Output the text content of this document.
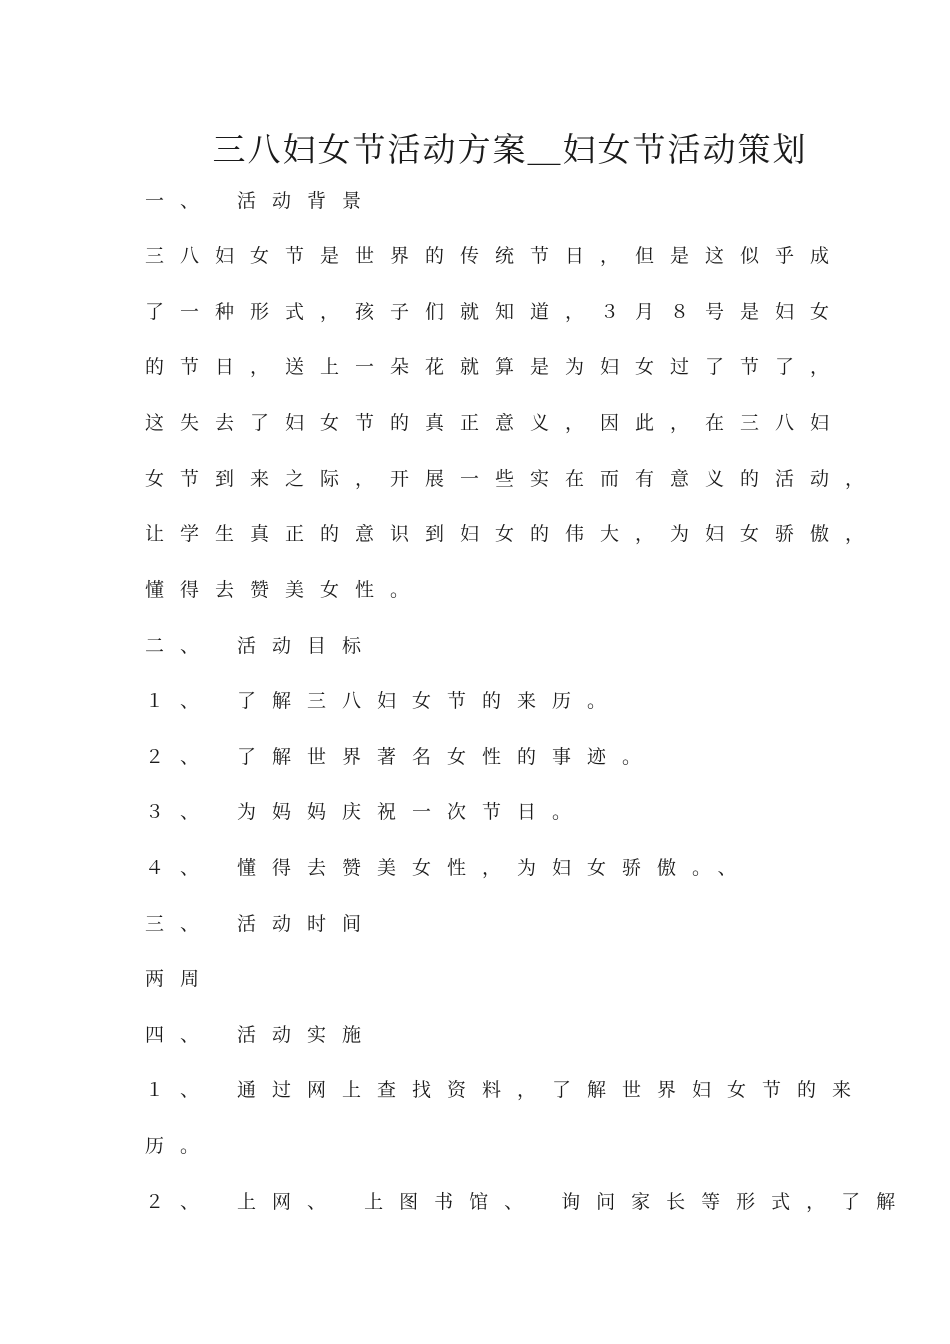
三八妇女节活动方案＿妇女节活动策划
一、 活动背景
三八妇女节是世界的传统节日，但是这似乎成
了一种形式，孩子们就知道，３月８号是妇女
的节日，送上一朵花就算是为妇女过了节了，
这失去了妇女节的真正意义，因此，在三八妇
女节到来之际，开展一些实在而有意义的活动，
让学生真正的意识到妇女的伟大，为妇女骄傲，
懂得去赞美女性。
二、 活动目标
１、 了解三八妇女节的来历。
２、 了解世界著名女性的事迹。
３、 为妈妈庆祝一次节日。
４、 懂得去赞美女性，为妇女骄傲。、
三、 活动时间
两周
四、 活动实施
１、 通过网上查找资料，了解世界妇女节的来
历。
２、 上网、 上图书馆、 询问家长等形式，了解
